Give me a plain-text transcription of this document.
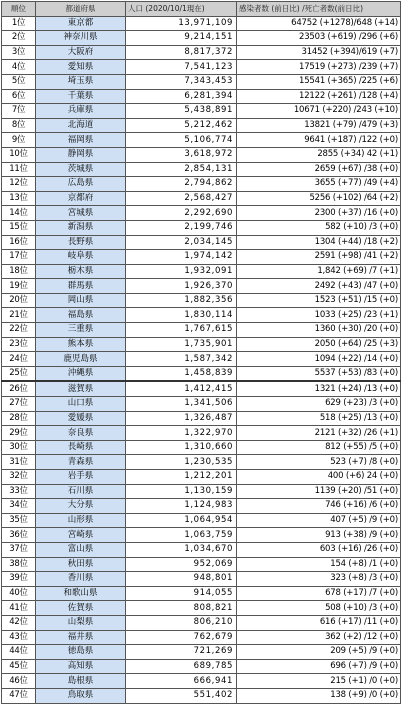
順位	都道府県	人口 (2020/10/1現在)	感染者数 (前日比) /死亡者数(前日比)
1位	東京都	13,971,109	64752 (+1278)/648 (+14)
2位	神奈川県	9,214,151	23503 (+619) /296 (+6)
3位	大阪府	8,817,372	31452 (+394)/619 (+7)
4位	愛知県	7,541,123	17519 (+273) /239 (+7)
5位	埼玉県	7,343,453	15541 (+365) /225 (+6)
6位	千葉県	6,281,394	12122 (+261) /128 (+4)
7位	兵庫県	5,438,891	10671 (+220) /243 (+10)
8位	北海道	5,212,462	13821 (+79) /479 (+3)
9位	福岡県	5,106,774	9641 (+187) /122 (+0)
10位	静岡県	3,618,972	2855 (+34) 42 (+1)
11位	茨城県	2,854,131	2659 (+67) /38 (+0)
12位	広島県	2,794,862	3655 (+77) /49 (+4)
13位	京都府	2,568,427	5256 (+102) /64 (+2)
14位	宮城県	2,292,690	2300 (+37) /16 (+0)
15位	新潟県	2,199,746	582 (+10) /3 (+0)
16位	長野県	2,034,145	1304 (+44) /18 (+2)
17位	岐阜県	1,974,142	2591 (+98) /41 (+2)
18位	栃木県	1,932,091	1,842 (+69) /7 (+1)
19位	群馬県	1,926,370	2492 (+43) /47 (+0)
20位	岡山県	1,882,356	1523 (+51) /15 (+0)
21位	福島県	1,830,114	1033 (+25) /23 (+1)
22位	三重県	1,767,615	1360 (+30) /20 (+0)
23位	熊本県	1,735,901	2050 (+64) /25 (+3)
24位	鹿児島県	1,587,342	1094 (+22) /14 (+0)
25位	沖縄県	1,458,839	5537 (+53) /83 (+0)
26位	滋賀県	1,412,415	1321 (+24) /13 (+0)
27位	山口県	1,341,506	629 (+23) /3 (+0)
28位	愛媛県	1,326,487	518 (+25) /13 (+0)
29位	奈良県	1,322,970	2121 (+32) /26 (+1)
30位	長崎県	1,310,660	812 (+55) /5 (+0)
31位	青森県	1,230,535	523 (+7) /8 (+0)
32位	岩手県	1,212,201	400 (+6) 24 (+0)
33位	石川県	1,130,159	1139 (+20) /51 (+0)
34位	大分県	1,124,983	746 (+16) /6 (+0)
35位	山形県	1,064,954	407 (+5) /9 (+0)
36位	宮崎県	1,063,759	913 (+38) /9 (+0)
37位	富山県	1,034,670	603 (+16) /26 (+0)
38位	秋田県	952,069	154 (+8) /1 (+0)
39位	香川県	948,801	323 (+8) /3 (+0)
40位	和歌山県	914,055	678 (+17) /7 (+0)
41位	佐賀県	808,821	508 (+10) /3 (+0)
42位	山梨県	806,210	616 (+17) /11 (+0)
43位	福井県	762,679	362 (+2) /12 (+0)
44位	徳島県	721,269	209 (+5) /9 (+0)
45位	高知県	689,785	696 (+7) /9 (+0)
46位	島根県	666,941	215 (+1) /0 (+0)
47位	鳥取県	551,402	138 (+9) /0 (+0)
